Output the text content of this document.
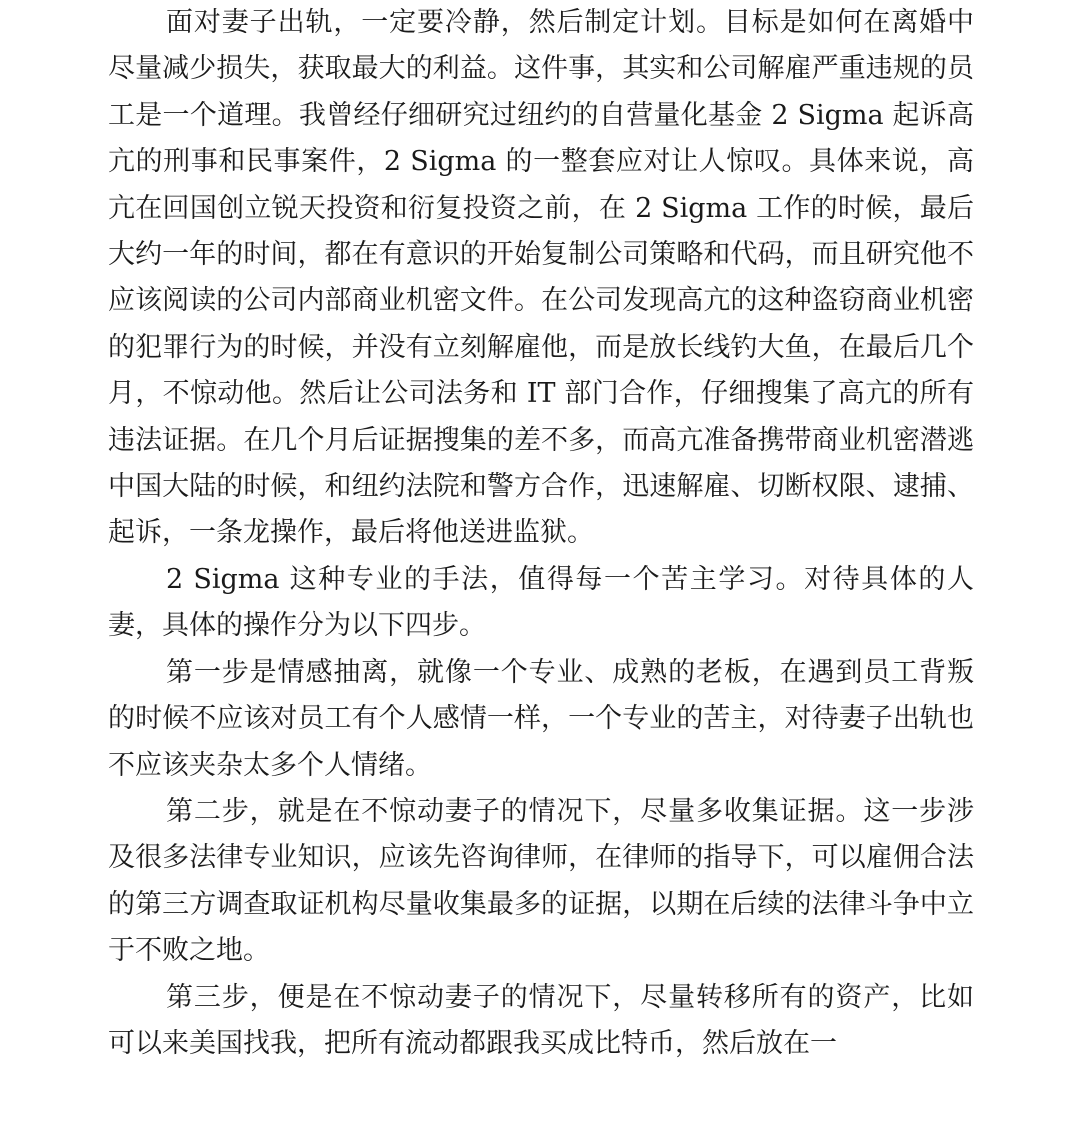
面对妻子出轨，一定要冷静，然后制定计划。目标是如何在离婚中尽量减少损失，获取最大的利益。这件事，其实和公司解雇严重违规的员工是一个道理。我曾经仔细研究过纽约的自营量化基金 2 Sigma 起诉高亢的刑事和民事案件，2 Sigma 的一整套应对让人惊叹。具体来说，高亢在回国创立锐天投资和衍复投资之前，在 2 Sigma 工作的时候，最后大约一年的时间，都在有意识的开始复制公司策略和代码，而且研究他不应该阅读的公司内部商业机密文件。在公司发现高亢的这种盗窃商业机密的犯罪行为的时候，并没有立刻解雇他，而是放长线钓大鱼，在最后几个月，不惊动他。然后让公司法务和 IT 部门合作，仔细搜集了高亢的所有违法证据。在几个月后证据搜集的差不多，而高亢准备携带商业机密潜逃中国大陆的时候，和纽约法院和警方合作，迅速解雇、切断权限、逮捕、起诉，一条龙操作，最后将他送进监狱。

2 Sigma 这种专业的手法，值得每一个苦主学习。对待具体的人妻，具体的操作分为以下四步。

第一步是情感抽离，就像一个专业、成熟的老板，在遇到员工背叛的时候不应该对员工有个人感情一样，一个专业的苦主，对待妻子出轨也不应该夹杂太多个人情绪。

第二步，就是在不惊动妻子的情况下，尽量多收集证据。这一步涉及很多法律专业知识，应该先咨询律师，在律师的指导下，可以雇佣合法的第三方调查取证机构尽量收集最多的证据，以期在后续的法律斗争中立于不败之地。

第三步，便是在不惊动妻子的情况下，尽量转移所有的资产，比如可以来美国找我，把所有流动都跟我买成比特币，然后放在一
